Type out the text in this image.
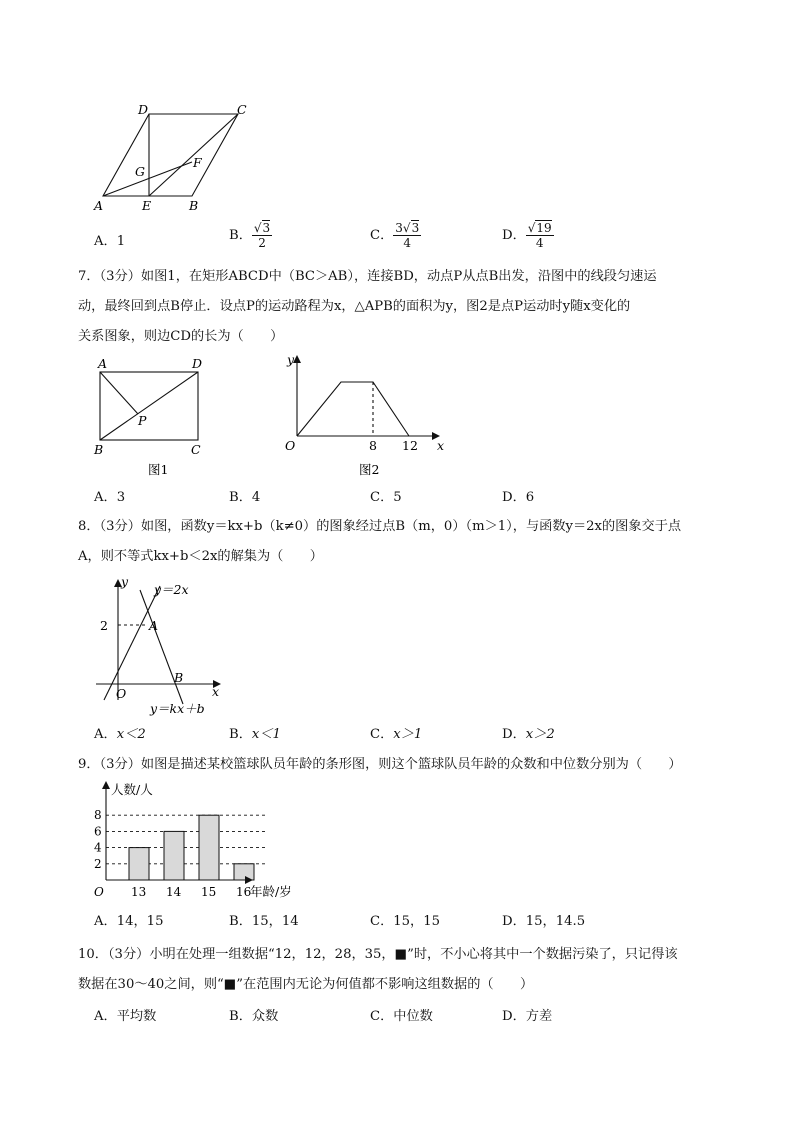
D	C
G
F
A	E	B
A．1	B． $\frac{√3}{2}$	C． $\frac{3√3}{4}$	D． $\frac{√19}{4}$
7．（3分）如图1，在矩形ABCD中（BC＞AB），连接BD，动点P从点B出发，沿图中的线段匀速运
动，最终回到点B停止．设点P的运动路程为x，△APB的面积为y，图2是点P运动时y随x变化的
关系图象，则边CD的长为（　　）
A	D
P
B	C
图1
y
O	8 12 x
图2
A．3	B．4	C．5	D．6
8．（3分）如图，函数y＝kx+b（k≠0）的图象经过点B（m，0）（m＞1），与函数y＝2x的图象交于点
A，则不等式kx+b＜2x的解集为（　　）
y
y＝2x
2	A
B
O	x
y＝kx＋b
A．x＜2	B．x＜1	C．x＞1	D．x＞2
9．（3分）如图是描述某校篮球队员年龄的条形图，则这个篮球队员年龄的众数和中位数分别为（　　）
2
4
6
8
13 14 15 16
人数/人
年龄/岁
O
A．14，15	B．15，14	C．15，15	D．15，14.5
10．（3分）小明在处理一组数据“12，12，28，35，■”时，不小心将其中一个数据污染了，只记得该
数据在30～40之间，则“■”在范围内无论为何值都不影响这组数据的（　　）
A．平均数	B．众数	C．中位数	D．方差
